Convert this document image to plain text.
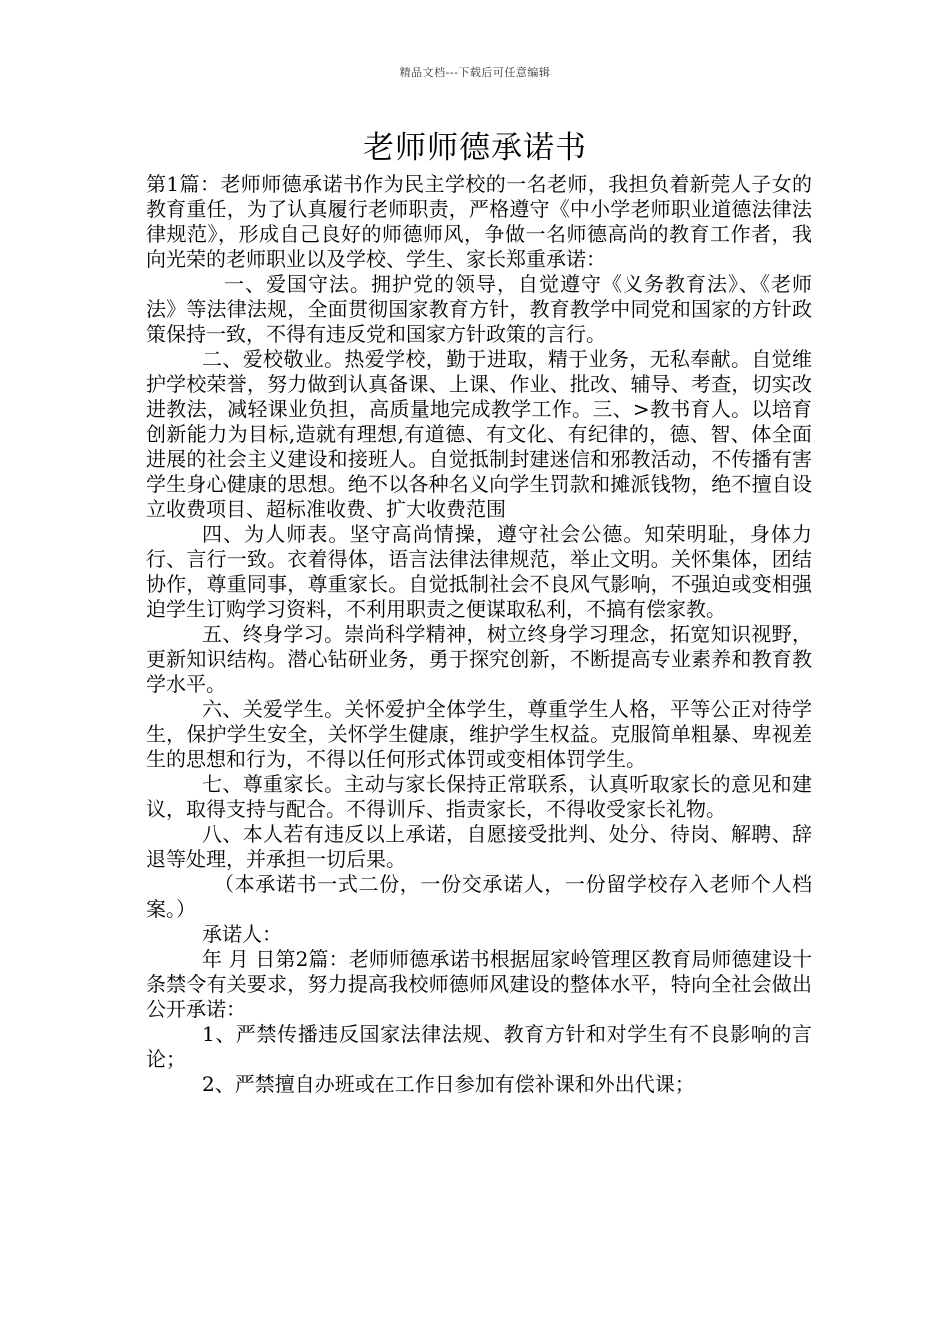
精品文档---下载后可任意编辑
老师师德承诺书

第1篇：老师师德承诺书作为民主学校的一名老师，我担负着新莞人子女的教育重任，为了认真履行老师职责，严格遵守《中小学老师职业道德法律法律规范》，形成自己良好的师德师风，争做一名师德高尚的教育工作者，我向光荣的老师职业以及学校、学生、家长郑重承诺：

一、爱国守法。拥护党的领导，自觉遵守《义务教育法》、《老师法》等法律法规，全面贯彻国家教育方针，教育教学中同党和国家的方针政策保持一致，不得有违反党和国家方针政策的言行。

二、爱校敬业。热爱学校，勤于进取，精于业务，无私奉献。自觉维护学校荣誉，努力做到认真备课、上课、作业、批改、辅导、考查，切实改进教法，减轻课业负担，高质量地完成教学工作。三、>教书育人。以培育创新能力为目标,造就有理想,有道德、有文化、有纪律的，德、智、体全面进展的社会主义建设和接班人。自觉抵制封建迷信和邪教活动，不传播有害学生身心健康的思想。绝不以各种名义向学生罚款和摊派钱物，绝不擅自设立收费项目、超标准收费、扩大收费范围

四、为人师表。坚守高尚情操，遵守社会公德。知荣明耻，身体力行、言行一致。衣着得体，语言法律法律规范，举止文明。关怀集体，团结协作，尊重同事，尊重家长。自觉抵制社会不良风气影响，不强迫或变相强迫学生订购学习资料，不利用职责之便谋取私利，不搞有偿家教。

五、终身学习。崇尚科学精神，树立终身学习理念，拓宽知识视野，更新知识结构。潜心钻研业务，勇于探究创新，不断提高专业素养和教育教学水平。

六、关爱学生。关怀爱护全体学生，尊重学生人格，平等公正对待学生，保护学生安全，关怀学生健康，维护学生权益。克服简单粗暴、卑视差生的思想和行为，不得以任何形式体罚或变相体罚学生。

七、尊重家长。主动与家长保持正常联系，认真听取家长的意见和建议，取得支持与配合。不得训斥、指责家长，不得收受家长礼物。

八、本人若有违反以上承诺，自愿接受批判、处分、待岗、解聘、辞退等处理，并承担一切后果。

（本承诺书一式二份，一份交承诺人，一份留学校存入老师个人档案。）

承诺人：

年 月 日第2篇：老师师德承诺书根据屈家岭管理区教育局师德建设十条禁令有关要求，努力提高我校师德师风建设的整体水平，特向全社会做出公开承诺：

1、严禁传播违反国家法律法规、教育方针和对学生有不良影响的言论；

2、严禁擅自办班或在工作日参加有偿补课和外出代课；
